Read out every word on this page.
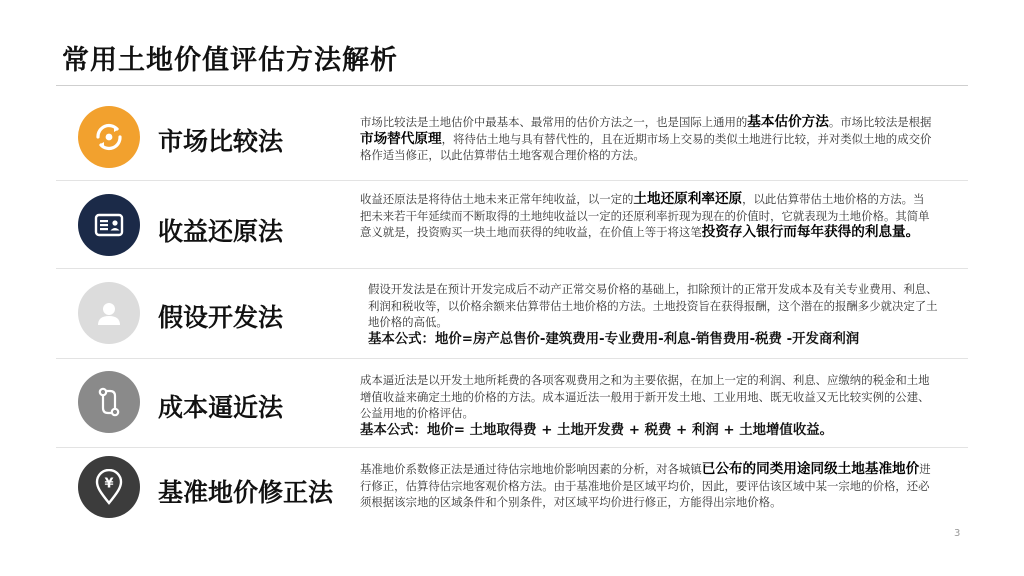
常用土地价值评估方法解析
市场比较法
市场比较法是土地估价中最基本、最常用的估价方法之一，也是国际上通用的基本估价方法。市场比较法是根据市场替代原理，将待估土地与具有替代性的，且在近期市场上交易的类似土地进行比较，并对类似土地的成交价格作适当修正，以此估算带估土地客观合理价格的方法。
收益还原法
收益还原法是将待估土地未来正常年纯收益，以一定的土地还原利率还原，以此估算带估土地价格的方法。当把未来若干年延续而不断取得的土地纯收益以一定的还原利率折现为现在的价值时，它就表现为土地价格。其简单意义就是，投资购买一块土地而获得的纯收益，在价值上等于将这笔投资存入银行而每年获得的利息量。
假设开发法
假设开发法是在预计开发完成后不动产正常交易价格的基础上，扣除预计的正常开发成本及有关专业费用、利息、利润和税收等，以价格余额来估算带估土地价格的方法。土地投资旨在获得报酬，这个潜在的报酬多少就决定了土地价格的高低。
基本公式：地价=房产总售价-建筑费用-专业费用-利息-销售费用-税费 -开发商利润
成本逼近法
成本逼近法是以开发土地所耗费的各项客观费用之和为主要依据，在加上一定的利润、利息、应缴纳的税金和土地增值收益来确定土地的价格的方法。成本逼近法一般用于新开发土地、工业用地、既无收益又无比较实例的公建、公益用地的价格评估。
基本公式：地价= 土地取得费 + 土地开发费 + 税费 + 利润 + 土地增值收益。
¥ 基准地价修正法
基准地价系数修正法是通过待估宗地地价影响因素的分析，对各城镇已公布的同类用途同级土地基准地价进行修正，估算待估宗地客观价格方法。由于基准地价是区域平均价，因此，要评估该区域中某一宗地的价格，还必须根据该宗地的区域条件和个别条件，对区域平均价进行修正，方能得出宗地价格。
3
